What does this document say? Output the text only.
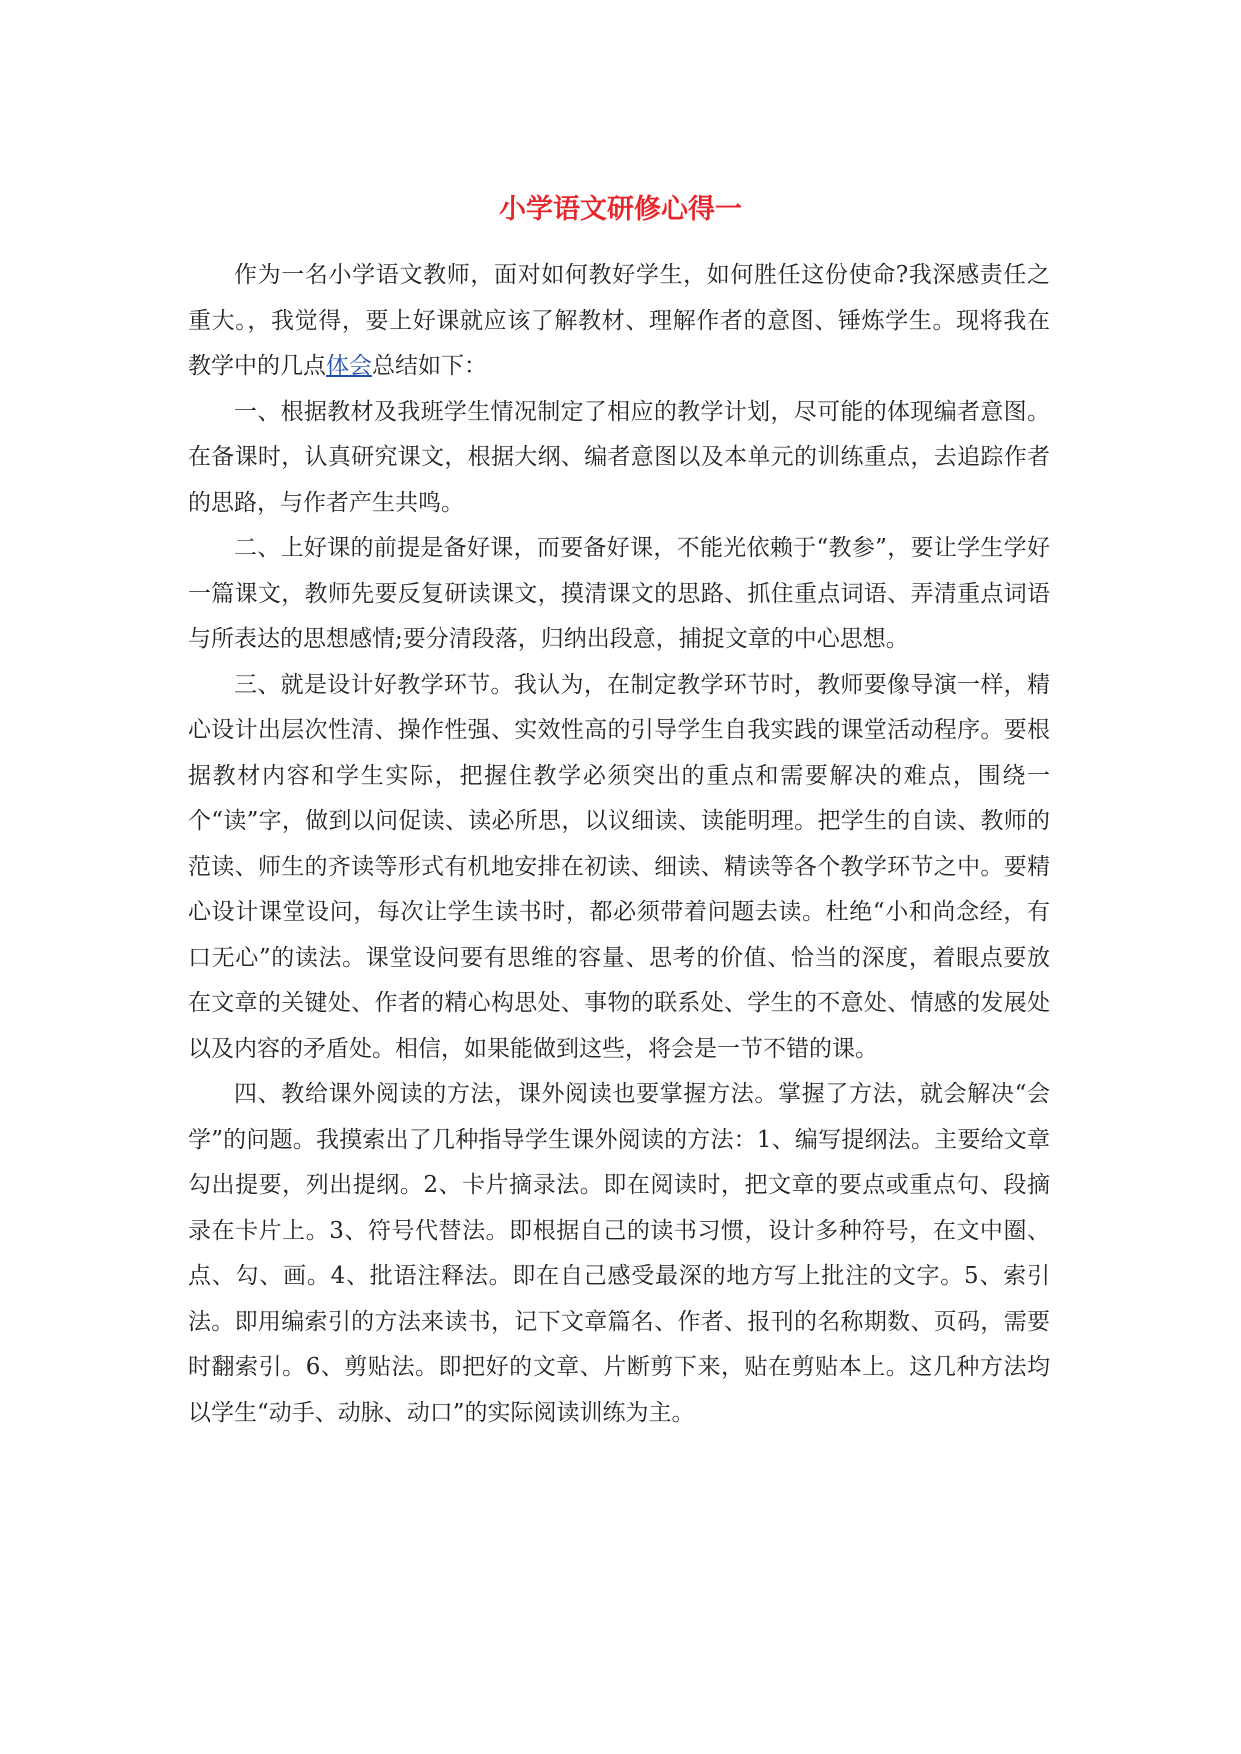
小学语文研修心得一

作为一名小学语文教师，面对如何教好学生，如何胜任这份使命?我深感责任之重大。，我觉得，要上好课就应该了解教材、理解作者的意图、锤炼学生。现将我在教学中的几点体会总结如下：

一、根据教材及我班学生情况制定了相应的教学计划，尽可能的体现编者意图。在备课时，认真研究课文，根据大纲、编者意图以及本单元的训练重点，去追踪作者的思路，与作者产生共鸣。

二、上好课的前提是备好课，而要备好课，不能光依赖于“教参”，要让学生学好一篇课文，教师先要反复研读课文，摸清课文的思路、抓住重点词语、弄清重点词语与所表达的思想感情;要分清段落，归纳出段意，捕捉文章的中心思想。

三、就是设计好教学环节。我认为，在制定教学环节时，教师要像导演一样，精心设计出层次性清、操作性强、实效性高的引导学生自我实践的课堂活动程序。要根据教材内容和学生实际，把握住教学必须突出的重点和需要解决的难点，围绕一个“读”字，做到以问促读、读必所思，以议细读、读能明理。把学生的自读、教师的范读、师生的齐读等形式有机地安排在初读、细读、精读等各个教学环节之中。要精心设计课堂设问，每次让学生读书时，都必须带着问题去读。杜绝“小和尚念经，有口无心”的读法。课堂设问要有思维的容量、思考的价值、恰当的深度，着眼点要放在文章的关键处、作者的精心构思处、事物的联系处、学生的不意处、情感的发展处以及内容的矛盾处。相信，如果能做到这些，将会是一节不错的课。

四、教给课外阅读的方法，课外阅读也要掌握方法。掌握了方法，就会解决“会学”的问题。我摸索出了几种指导学生课外阅读的方法：1、编写提纲法。主要给文章勾出提要，列出提纲。2、卡片摘录法。即在阅读时，把文章的要点或重点句、段摘录在卡片上。3、符号代替法。即根据自己的读书习惯，设计多种符号，在文中圈、点、勾、画。4、批语注释法。即在自己感受最深的地方写上批注的文字。5、索引法。即用编索引的方法来读书，记下文章篇名、作者、报刊的名称期数、页码，需要时翻索引。6、剪贴法。即把好的文章、片断剪下来，贴在剪贴本上。这几种方法均以学生“动手、动脉、动口”的实际阅读训练为主。
